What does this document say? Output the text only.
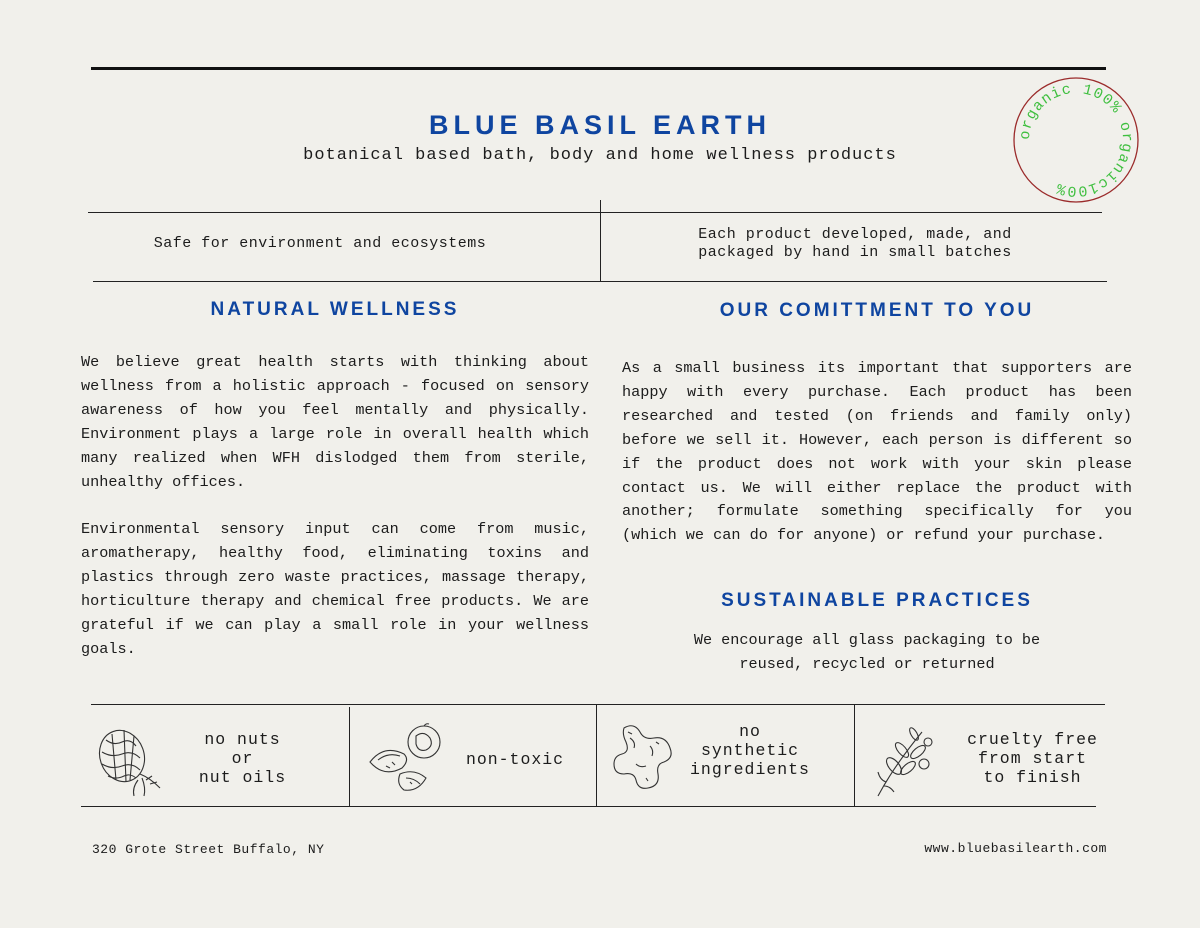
BLUE BASIL EARTH
botanical based bath, body and home wellness products
organic 100% organic100%
Safe for environment and ecosystems
Each product developed, made, and
packaged by hand in small batches
NATURAL WELLNESS

We believe great health starts with thinking about wellness from a holistic approach - focused on sensory awareness of how you feel mentally and physically. Environment plays a large role in overall health which many realized when WFH dislodged them from sterile, unhealthy offices.

Environmental sensory input can come from music, aromatherapy, healthy food, eliminating toxins and plastics through zero waste practices, massage therapy, horticulture therapy and chemical free products. We are grateful if we can play a small role in your wellness goals.

OUR COMITTMENT TO YOU

As a small business its important that supporters are happy with every purchase. Each product has been researched and tested (on friends and family only) before we sell it. However, each person is different so if the product does not work with your skin please contact us. We will either replace the product with another; formulate something specifically for you (which we can do for anyone) or refund your purchase.

SUSTAINABLE PRACTICES
We encourage all glass packaging to be
reused, recycled or returned
no nuts
or
nut oils
non-toxic
no
synthetic
ingredients
cruelty free
from start
to finish
320 Grote Street Buffalo, NY	www.bluebasilearth.com
